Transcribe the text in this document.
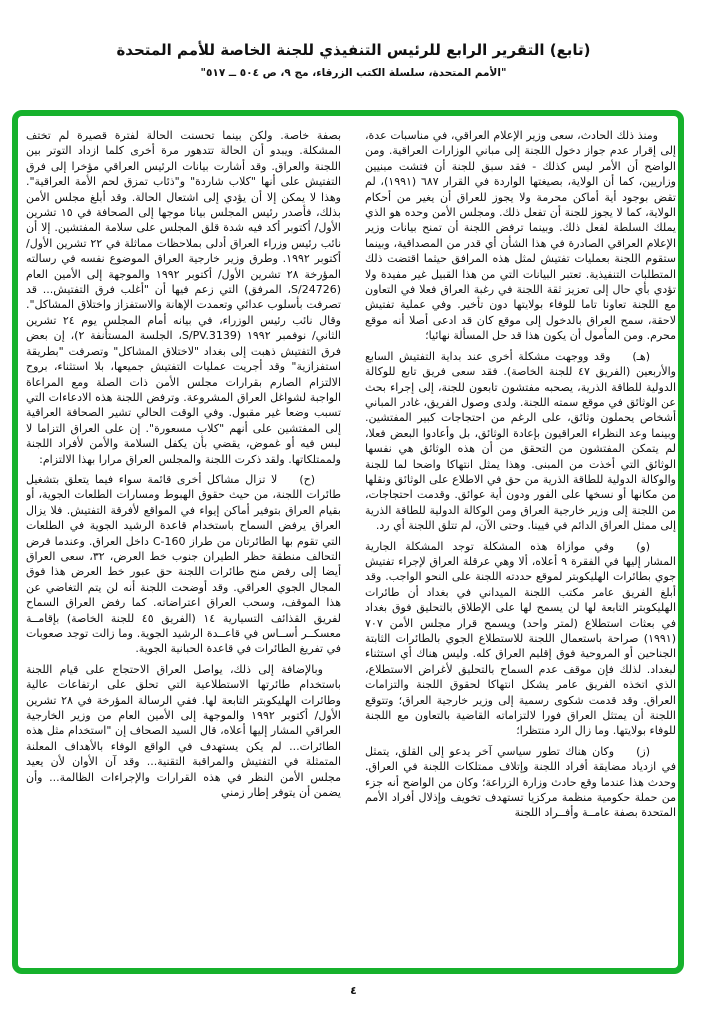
(تابع) التقرير الرابع للرئيس التنفيذي للجنة الخاصة للأمم المتحدة
"الأمم المتحدة، سلسلة الكتب الزرقاء، مج ٩، ص ٥٠٤ ــ ٥١٧"

ومنذ ذلك الحادث، سعى وزير الإعلام العراقي، في مناسبات عدة، إلى إقرار عدم جواز دخول اللجنة إلى مباني الوزارات العراقية. ومن الواضح أن الأمر ليس كذلك - فقد سبق للجنة أن فتشت مبنيين وزاريين، كما أن الولاية، بصيغتها الواردة في القرار ٦٨٧ (١٩٩١)، لم تقض بوجود أية أماكن محرمة ولا يجوز للعراق أن يغير من أحكام الولاية، كما لا يجوز للجنة أن تفعل ذلك. ومجلس الأمن وحده هو الذي يملك السلطة لفعل ذلك. وبينما ترفض اللجنة أن تمنح بيانات وزير الإعلام العراقي الصادرة في هذا الشأن أي قدر من المصداقية، وبينما ستقوم اللجنة بعمليات تفتيش لمثل هذه المرافق حيثما اقتضت ذلك المتطلبات التنفيذية. تعتبر البيانات التي من هذا القبيل غير مفيدة ولا تؤدي بأي حال إلى تعزيز ثقة اللجنة في رغبة العراق فعلا في التعاون مع اللجنة تعاونا تاما للوفاء بولايتها دون تأخير. وفي عملية تفتيش لاحقة، سمح العراق بالدخول إلى موقع كان قد ادعى أصلا أنه موقع محرم. ومن المأمول أن يكون هذا قد حل المسألة نهائيا؛

(هـ)وقد ووجهت مشكلة أخرى عند بداية التفتيش السابع والأربعين (الفريق ٤٧ للجنة الخاصة). فقد سعى فريق تابع للوكالة الدولية للطاقة الذرية، يصحبه مفتشون تابعون للجنة، إلى إجراء بحث عن الوثائق في موقع سمته اللجنة. ولدى وصول الفريق، غادر المباني أشخاص يحملون وثائق، على الرغم من احتجاجات كبير المفتشين. وبينما وعد النظراء العراقيون بإعادة الوثائق، بل وأعادوا البعض فعلا، لم يتمكن المفتشون من التحقق من أن هذه الوثائق هي نفسها الوثائق التي أخذت من المبنى. وهذا يمثل انتهاكا واضحا لما للجنة والوكالة الدولية للطاقة الذرية من حق في الاطلاع على الوثائق ونقلها من مكانها أو نسخها على الفور ودون أية عوائق. وقدمت احتجاجات، من اللجنة إلى وزير خارجية العراق ومن الوكالة الدولية للطاقة الذرية إلى ممثل العراق الدائم في فيينا. وحتى الآن، لم تتلق اللجنة أي رد.

(و)وفي موازاة هذه المشكلة توجد المشكلة الجارية المشار إليها في الفقرة ٩ أعلاه، ألا وهي عرقلة العراق لإجراء تفتيش جوي بطائرات الهليكوبتر لموقع حددته اللجنة على النحو الواجب. وقد أبلغ الفريق عامر مكتب اللجنة الميداني في بغداد أن طائرات الهليكوبتر التابعة لها لن يسمح لها على الإطلاق بالتحليق فوق بغداد في بعثات استطلاع (لمتر واحد) ويسمح قرار مجلس الأمن ٧٠٧ (١٩٩١) صراحة باستعمال اللجنة للاستطلاع الجوي بالطائرات الثابتة الجناحين أو المروحية فوق إقليم العراق كله. وليس هناك أي استثناء لبغداد. لذلك فإن موقف عدم السماح بالتحليق لأغراض الاستطلاع، الذي اتخذه الفريق عامر يشكل انتهاكا لحقوق اللجنة والتزامات العراق. وقد قدمت شكوى رسمية إلى وزير خارجية العراق؛ وتتوقع اللجنة أن يمتثل العراق فورا لالتزاماته القاضية بالتعاون مع اللجنة للوفاء بولايتها. وما زال الرد منتظرا؛

(ز)وكان هناك تطور سياسي آخر يدعو إلى القلق، يتمثل في ازدياد مضايقة أفراد اللجنة وإتلاف ممتلكات اللجنة في العراق. وحدث هذا عندما وقع حادث وزارة الزراعة؛ وكان من الواضح أنه جزء من حملة حكومية منظمة مركزيا تستهدف تخويف وإذلال أفراد الأمم المتحدة بصفة عامــة وأفــراد اللجنة

بصفة خاصة. ولكن بينما تحسنت الحالة لفترة قصيرة لم تختف المشكلة. ويبدو أن الحالة تتدهور مرة أخرى كلما ازداد التوتر بين اللجنة والعراق. وقد أشارت بيانات الرئيس العراقي مؤخرا إلى فرق التفتيش على أنها "كلاب شاردة" و"ذئاب تمزق لحم الأمة العراقية". وهذا لا يمكن إلا أن يؤدي إلى اشتعال الحالة. وقد أبلغ مجلس الأمن بذلك، فأصدر رئيس المجلس بيانا موجها إلى الصحافة في ١٥ تشرين الأول/ أكتوبر أكد فيه شدة قلق المجلس على سلامة المفتشين. إلا أن نائب رئيس وزراء العراق أدلى بملاحظات مماثلة في ٢٢ تشرين الأول/ أكتوبر ١٩٩٢. وطرق وزير خارجية العراق الموضوع نفسه في رسالته المؤرخة ٢٨ تشرين الأول/ أكتوبر ١٩٩٢ والموجهة إلى الأمين العام (S/24726، المرفق) التي زعم فيها أن "أغلب فرق التفتيش... قد تصرفت بأسلوب عدائي وتعمدت الإهانة والاستفزاز واختلاق المشاكل". وقال نائب رئيس الوزراء، في بيانه أمام المجلس يوم ٢٤ تشرين الثاني/ نوفمبر ١٩٩٢ (S/PV.3139، الجلسة المستأنفة ٢)، إن بعض فرق التفتيش ذهبت إلى بغداد "لاختلاق المشاكل" وتصرفت "بطريقة استفزازية" وقد أجريت عمليات التفتيش جميعها، بلا استثناء، بروح الالتزام الصارم بقرارات مجلس الأمن ذات الصلة ومع المراعاة الواجبة لشواغل العراق المشروعة. وترفض اللجنة هذه الادعاءات التي تسبب وضعا غير مقبول. وفي الوقت الحالي تشير الصحافة العراقية إلى المفتشين على أنهم "كلاب مسعورة". إن على العراق التزاما لا لبس فيه أو غموض، يقضي بأن يكفل السلامة والأمن لأفراد اللجنة ولممتلكاتها. ولقد ذكرت اللجنة والمجلس العراق مرارا بهذا الالتزام:

(ح)لا تزال مشاكل أخرى قائمة سواء فيما يتعلق بتشغيل طائرات اللجنة، من حيث حقوق الهبوط ومسارات الطلعات الجوية، أو بقيام العراق بتوفير أماكن إيواء في المواقع لأفرقة التفتيش. فلا يزال العراق يرفض السماح باستخدام قاعدة الرشيد الجوية في الطلعات التي تقوم بها الطائرتان من طراز C-160 داخل العراق. وعندما فرض التحالف منطقة حظر الطيران جنوب خط العرض، ٣٢، سعى العراق أيضا إلى رفض منح طائرات اللجنة حق عبور خط العرض هذا فوق المجال الجوي العراقي. وقد أوضحت اللجنة أنه لن يتم التغاضي عن هذا الموقف، وسحب العراق اعتراضاته. كما رفض العراق السماح لفريق القذائف التسيارية ١٤ (الفريق ٤٥ للجنة الخاصة) بإقامــة معسكــر أســاس في قاعــدة الرشيد الجوية. وما زالت توجد صعوبات في تفريغ الطائرات في قاعدة الحبانية الجوية.

وبالإضافة إلى ذلك، يواصل العراق الاحتجاج على قيام اللجنة باستخدام طائرتها الاستطلاعية التي تحلق على ارتفاعات عالية وطائرات الهليكوبتر التابعة لها. ففي الرسالة المؤرخة في ٢٨ تشرين الأول/ أكتوبر ١٩٩٢ والموجهة إلى الأمين العام من وزير الخارجية العراقي المشار إليها أعلاه، قال السيد الصحاف إن "استخدام مثل هذه الطائرات... لم يكن يستهدف في الواقع الوفاء بالأهداف المعلنة المتمثلة في التفتيش والمراقبة التقنية... وقد آن الأوان لأن يعيد مجلس الأمن النظر في هذه القرارات والإجراءات الظالمة... وأن يضمن أن يتوفر إطار زمني

٤
